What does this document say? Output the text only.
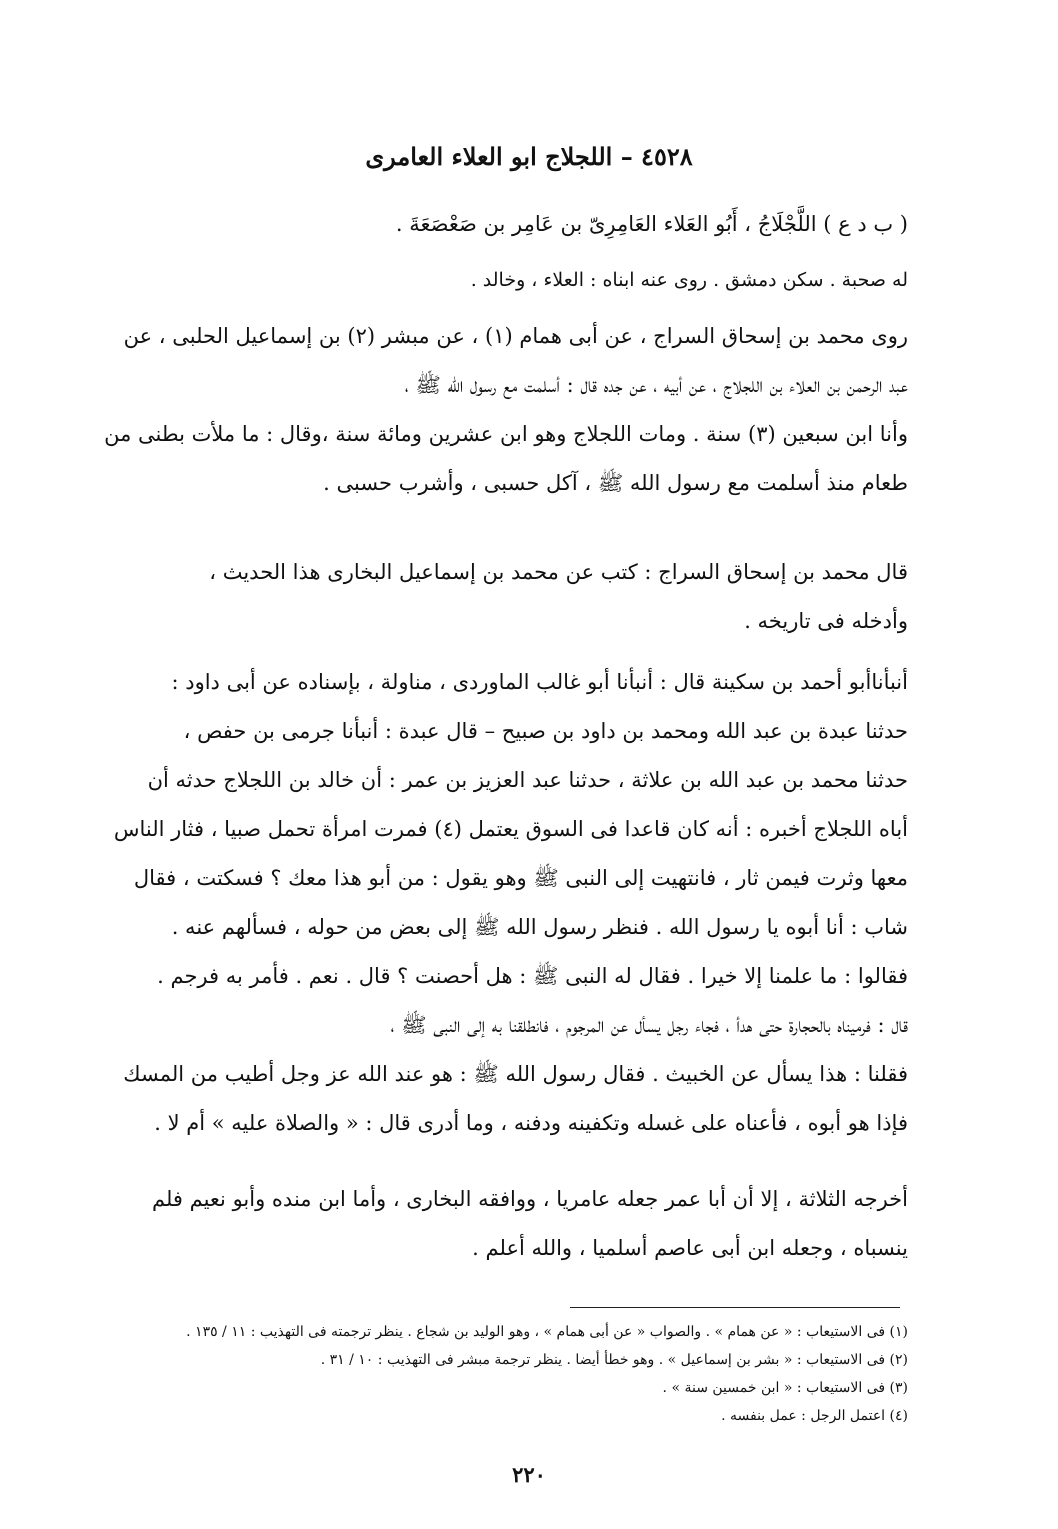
٤٥٢٨ – اللجلاج ابو العلاء العامرى
( ب د ع ) اللَّجْلَاجُ ، أَبُو العَلاء العَامِرِىّ بن عَامِر بن صَعْصَعَةَ .
له صحبة . سكن دمشق . روى عنه ابناه : العلاء ، وخالد .
روى محمد بن إسحاق السراج ، عن أبى همام (١) ، عن مبشر (٢) بن إسماعيل الحلبى ، عن
عبد الرحمن بن العلاء بن اللجلاج ، عن أبيه ، عن جده قال : أسلمت مع رسول الله ﷺ ،
وأنا ابن سبعين (٣) سنة . ومات اللجلاج وهو ابن عشرين ومائة سنة ،وقال : ما ملأت بطنى من
طعام منذ أسلمت مع رسول الله ﷺ ، آكل حسبى ، وأشرب حسبى .
قال محمد بن إسحاق السراج : كتب عن محمد بن إسماعيل البخارى هذا الحديث ،
وأدخله فى تاريخه .
أنبأناأبو أحمد بن سكينة قال : أنبأنا أبو غالب الماوردى ، مناولة ، بإسناده عن أبى داود :
حدثنا عبدة بن عبد الله ومحمد بن داود بن صبيح – قال عبدة : أنبأنا جرمى بن حفص ،
حدثنا محمد بن عبد الله بن علاثة ، حدثنا عبد العزيز بن عمر : أن خالد بن اللجلاج حدثه أن
أباه اللجلاج أخبره : أنه كان قاعدا فى السوق يعتمل (٤) فمرت امرأة تحمل صبيا ، فثار الناس
معها وثرت فيمن ثار ، فانتهيت إلى النبى ﷺ وهو يقول : من أبو هذا معك ؟ فسكتت ، فقال
شاب : أنا أبوه يا رسول الله . فنظر رسول الله ﷺ إلى بعض من حوله ، فسألهم عنه .
فقالوا : ما علمنا إلا خيرا . فقال له النبى ﷺ : هل أحصنت ؟ قال . نعم . فأمر به فرجم .
قال : فرميناه بالحجارة حتى هدأ ، فجاء رجل يسأل عن المرجوم ، فانطلقنا به إلى النبى ﷺ ،
فقلنا : هذا يسأل عن الخبيث . فقال رسول الله ﷺ : هو عند الله عز وجل أطيب من المسك
فإذا هو أبوه ، فأعناه على غسله وتكفينه ودفنه ، وما أدرى قال : « والصلاة عليه » أم لا .
أخرجه الثلاثة ، إلا أن أبا عمر جعله عامريا ، ووافقه البخارى ، وأما ابن منده وأبو نعيم فلم
ينسباه ، وجعله ابن أبى عاصم أسلميا ، والله أعلم .
(١) فى الاستيعاب : « عن همام » . والصواب « عن أبى همام » ، وهو الوليد بن شجاع . ينظر ترجمته فى التهذيب : ١١ / ١٣٥ .
(٢) فى الاستيعاب : « بشر بن إسماعيل » . وهو خطأ أيضا . ينظر ترجمة مبشر فى التهذيب : ١٠ / ٣١ .
(٣) فى الاستيعاب : « ابن خمسين سنة » .
(٤) اعتمل الرجل : عمل بنفسه .
٢٢٠
